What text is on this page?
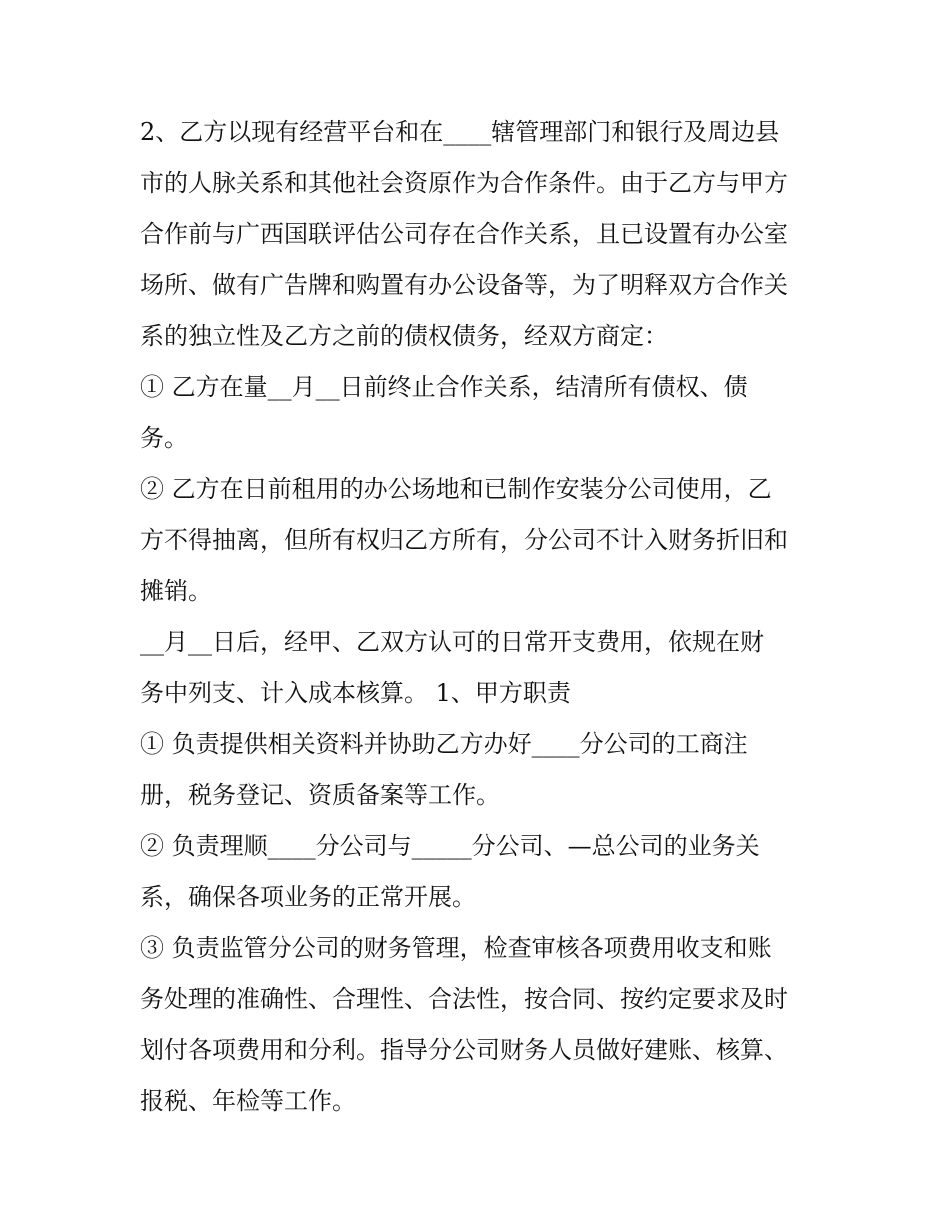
2、乙方以现有经营平台和在____辖管理部门和银行及周边县
市的人脉关系和其他社会资原作为合作条件。由于乙方与甲方
合作前与广西国联评估公司存在合作关系，且已设置有办公室
场所、做有广告牌和购置有办公设备等，为了明释双方合作关
系的独立性及乙方之前的债权债务，经双方商定：
① 乙方在量__月__日前终止合作关系，结清所有债权、债
务。
② 乙方在日前租用的办公场地和已制作安装分公司使用，乙
方不得抽离，但所有权归乙方所有，分公司不计入财务折旧和
摊销。
__月__日后，经甲、乙双方认可的日常开支费用，依规在财
务中列支、计入成本核算。 1、甲方职责
① 负责提供相关资料并协助乙方办好____分公司的工商注
册，税务登记、资质备案等工作。
② 负责理顺____分公司与_____分公司、—总公司的业务关
系，确保各项业务的正常开展。
③ 负责监管分公司的财务管理，检查审核各项费用收支和账
务处理的准确性、合理性、合法性，按合同、按约定要求及时
划付各项费用和分利。指导分公司财务人员做好建账、核算、
报税、年检等工作。
